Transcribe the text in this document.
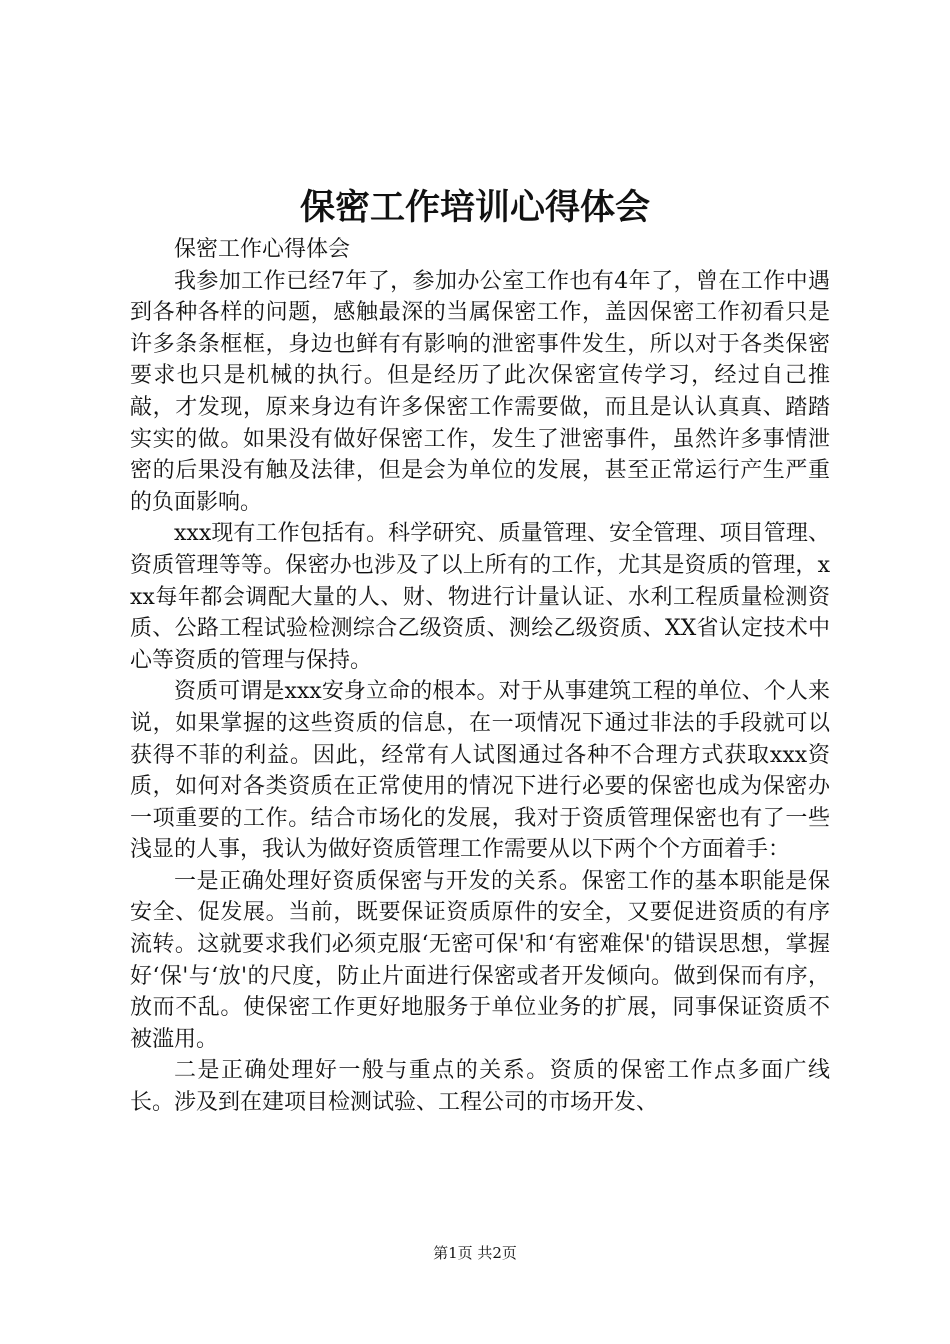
保密工作培训心得体会

保密工作心得体会

我参加工作已经7年了，参加办公室工作也有4年了，曾在工作中遇到各种各样的问题，感触最深的当属保密工作，盖因保密工作初看只是许多条条框框，身边也鲜有有影响的泄密事件发生，所以对于各类保密要求也只是机械的执行。但是经历了此次保密宣传学习，经过自己推敲，才发现，原来身边有许多保密工作需要做，而且是认认真真、踏踏实实的做。如果没有做好保密工作，发生了泄密事件，虽然许多事情泄密的后果没有触及法律，但是会为单位的发展，甚至正常运行产生严重的负面影响。

xxx现有工作包括有。科学研究、质量管理、安全管理、项目管理、资质管理等等。保密办也涉及了以上所有的工作，尤其是资质的管理，xxx每年都会调配大量的人、财、物进行计量认证、水利工程质量检测资质、公路工程试验检测综合乙级资质、测绘乙级资质、XX省认定技术中心等资质的管理与保持。

资质可谓是xxx安身立命的根本。对于从事建筑工程的单位、个人来说，如果掌握的这些资质的信息，在一项情况下通过非法的手段就可以获得不菲的利益。因此，经常有人试图通过各种不合理方式获取xxx资质，如何对各类资质在正常使用的情况下进行必要的保密也成为保密办一项重要的工作。结合市场化的发展，我对于资质管理保密也有了一些浅显的人事，我认为做好资质管理工作需要从以下两个个方面着手：

一是正确处理好资质保密与开发的关系。保密工作的基本职能是保安全、促发展。当前，既要保证资质原件的安全，又要促进资质的有序流转。这就要求我们必须克服‘无密可保'和‘有密难保'的错误思想，掌握好‘保'与‘放'的尺度，防止片面进行保密或者开发倾向。做到保而有序，放而不乱。使保密工作更好地服务于单位业务的扩展，同事保证资质不被滥用。

二是正确处理好一般与重点的关系。资质的保密工作点多面广线长。涉及到在建项目检测试验、工程公司的市场开发、

第1页 共2页
